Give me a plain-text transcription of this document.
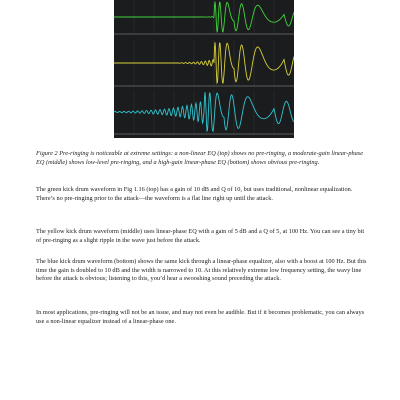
Figure 2 Pre-ringing is noticeable at extreme settings: a non-linear EQ (top) shows no pre-ringing, a moderate-gain linear-phase EQ (middle) shows low-level pre-ringing, and a high-gain linear-phase EQ (bottom) shows obvious pre-ringing.

The green kick drum waveform in Fig 1.16 (top) has a gain of 10 dB and Q of 10, but uses traditional, nonlinear equalization. There’s no pre-ringing prior to the attack—the waveform is a flat line right up until the attack.

The yellow kick drum waveform (middle) uses linear-phase EQ with a gain of 5 dB and a Q of 5, at 100 Hz. You can see a tiny bit of pre-ringing as a slight ripple in the wave just before the attack.

The blue kick drum waveform (bottom) shows the same kick through a linear-phase equalizer, also with a boost at 100 Hz. But this time the gain is doubled to 10 dB and the width is narrowed to 10. At this relatively extreme low frequency setting, the wavy line before the attack is obvious; listening to this, you’d hear a swooshing sound preceding the attack.

In most applications, pre-ringing will not be an issue, and may not even be audible. But if it becomes problematic, you can always use a non-linear equalizer instead of a linear-phase one.
